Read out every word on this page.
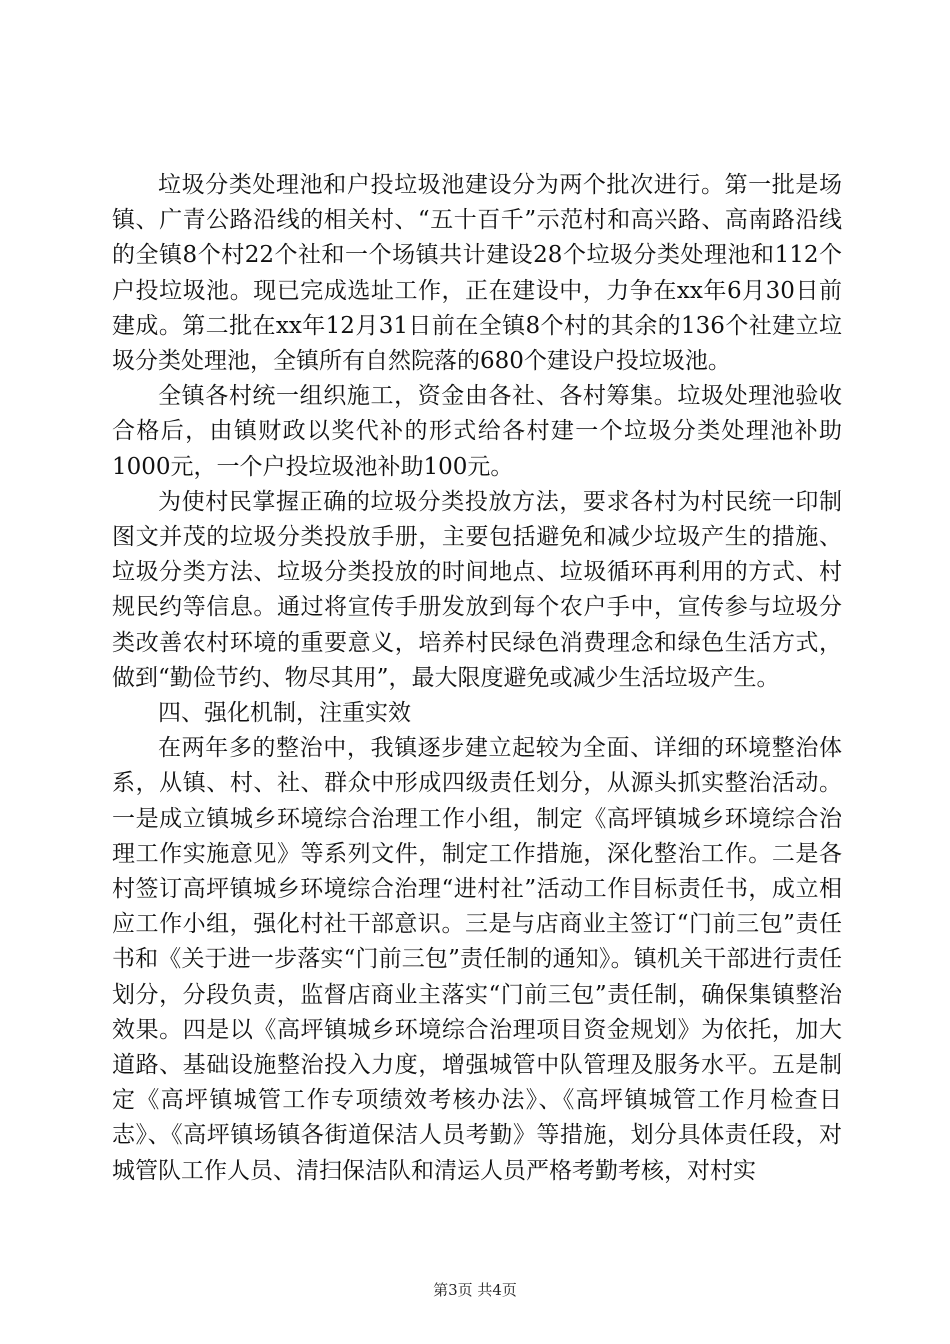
垃圾分类处理池和户投垃圾池建设分为两个批次进行。第一批是场镇、广青公路沿线的相关村、“五十百千”示范村和高兴路、高南路沿线的全镇8个村22个社和一个场镇共计建设28个垃圾分类处理池和112个户投垃圾池。现已完成选址工作，正在建设中，力争在xx年6月30日前建成。第二批在xx年12月31日前在全镇8个村的其余的136个社建立垃圾分类处理池，全镇所有自然院落的680个建设户投垃圾池。

全镇各村统一组织施工，资金由各社、各村筹集。垃圾处理池验收合格后，由镇财政以奖代补的形式给各村建一个垃圾分类处理池补助1000元，一个户投垃圾池补助100元。

为使村民掌握正确的垃圾分类投放方法，要求各村为村民统一印制图文并茂的垃圾分类投放手册，主要包括避免和减少垃圾产生的措施、垃圾分类方法、垃圾分类投放的时间地点、垃圾循环再利用的方式、村规民约等信息。通过将宣传手册发放到每个农户手中，宣传参与垃圾分类改善农村环境的重要意义，培养村民绿色消费理念和绿色生活方式，做到“勤俭节约、物尽其用”，最大限度避免或减少生活垃圾产生。

四、强化机制，注重实效

在两年多的整治中，我镇逐步建立起较为全面、详细的环境整治体系，从镇、村、社、群众中形成四级责任划分，从源头抓实整治活动。一是成立镇城乡环境综合治理工作小组，制定《高坪镇城乡环境综合治理工作实施意见》等系列文件，制定工作措施，深化整治工作。二是各村签订高坪镇城乡环境综合治理“进村社”活动工作目标责任书，成立相应工作小组，强化村社干部意识。三是与店商业主签订“门前三包”责任书和《关于进一步落实“门前三包”责任制的通知》。镇机关干部进行责任划分，分段负责，监督店商业主落实“门前三包”责任制，确保集镇整治效果。四是以《高坪镇城乡环境综合治理项目资金规划》为依托，加大道路、基础设施整治投入力度，增强城管中队管理及服务水平。五是制定《高坪镇城管工作专项绩效考核办法》、《高坪镇城管工作月检查日志》、《高坪镇场镇各街道保洁人员考勤》等措施，划分具体责任段，对城管队工作人员、清扫保洁队和清运人员严格考勤考核，对村实

第3页 共4页
